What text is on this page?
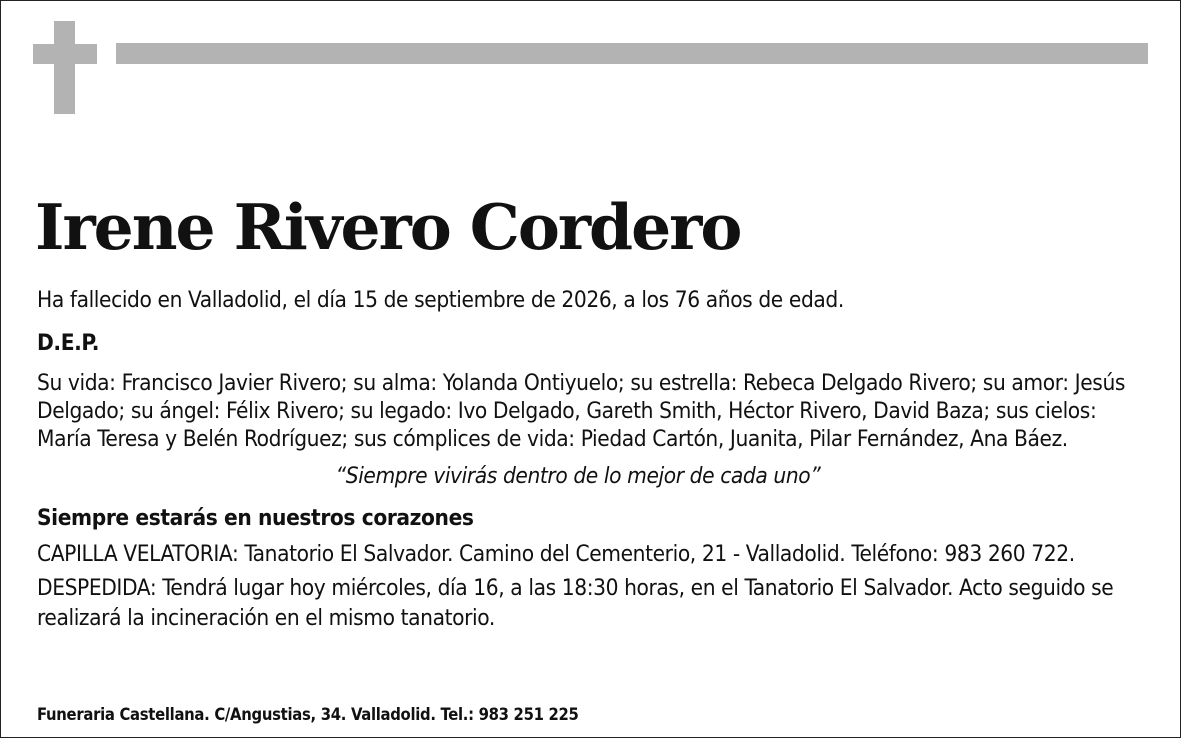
Irene Rivero Cordero

Ha fallecido en Valladolid, el día 15 de septiembre de 2026, a los 76 años de edad.

D.E.P.

Su vida: Francisco Javier Rivero; su alma: Yolanda Ontiyuelo; su estrella: Rebeca Delgado Rivero; su amor: Jesús Delgado; su ángel: Félix Rivero; su legado: Ivo Delgado, Gareth Smith, Héctor Rivero, David Baza; sus cielos: María Teresa y Belén Rodríguez; sus cómplices de vida: Piedad Cartón, Juanita, Pilar Fernández, Ana Báez.

“Siempre vivirás dentro de lo mejor de cada uno”

Siempre estarás en nuestros corazones

CAPILLA VELATORIA: Tanatorio El Salvador. Camino del Cementerio, 21 - Valladolid. Teléfono: 983 260 722.

DESPEDIDA: Tendrá lugar hoy miércoles, día 16, a las 18:30 horas, en el Tanatorio El Salvador. Acto seguido se realizará la incineración en el mismo tanatorio.

Funeraria Castellana. C/Angustias, 34. Valladolid. Tel.: 983 251 225
